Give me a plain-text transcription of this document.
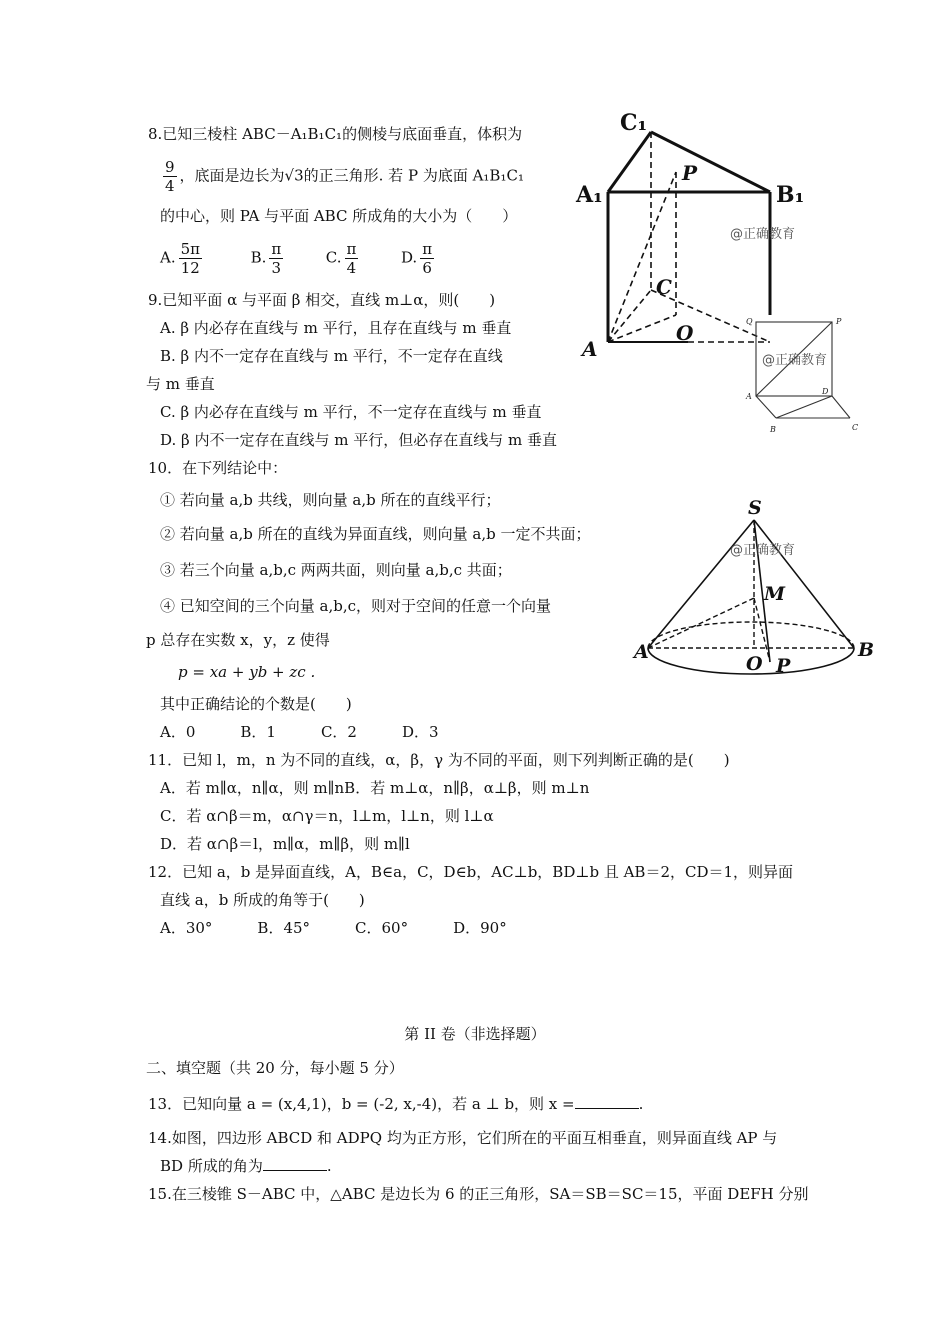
8.已知三棱柱 ABC－A₁B₁C₁的侧棱与底面垂直，体积为
$\frac{9}{4}$ ，底面是边长为√3的正三角形. 若 P 为底面 A₁B₁C₁
的中心，则 PA 与平面 ABC 所成角的大小为（　　）
A. $\frac{5\pi}{12}$	B. $\frac{\pi}{3}$	C. $\frac{\pi}{4}$	D. $\frac{\pi}{6}$
9.已知平面 α 与平面 β 相交，直线 m⊥α，则(　　)
A. β 内必存在直线与 m 平行，且存在直线与 m 垂直
B. β 内不一定存在直线与 m 平行，不一定存在直线
与 m 垂直
C. β 内必存在直线与 m 平行，不一定存在直线与 m 垂直
D. β 内不一定存在直线与 m 平行，但必存在直线与 m 垂直
10．在下列结论中：
① 若向量 a,b 共线，则向量 a,b 所在的直线平行；
② 若向量 a,b 所在的直线为异面直线，则向量 a,b 一定不共面；
③ 若三个向量 a,b,c 两两共面，则向量 a,b,c 共面；
④ 已知空间的三个向量 a,b,c，则对于空间的任意一个向量
p 总存在实数 x，y，z 使得
p = xa + yb + zc .
其中正确结论的个数是(　　)
A．0　　　B．1　　　C．2　　　D．3
11．已知 l，m，n 为不同的直线，α，β，γ 为不同的平面，则下列判断正确的是(　　)
A．若 m∥α，n∥α，则 m∥nB．若 m⊥α，n∥β，α⊥β，则 m⊥n
C．若 α∩β＝m，α∩γ＝n，l⊥m，l⊥n，则 l⊥α
D．若 α∩β＝l，m∥α，m∥β，则 m∥l
12．已知 a，b 是异面直线，A，B∈a，C，D∈b，AC⊥b，BD⊥b 且 AB＝2，CD＝1，则异面
直线 a，b 所成的角等于(　　)
A．30°　　　B．45°　　　C．60°　　　D．90°
第 II 卷（非选择题）
二、填空题（共 20 分，每小题 5 分）
13．已知向量 a = (x,4,1)，b = (-2, x,-4)，若 a ⊥ b，则 x =	.
14.如图，四边形 ABCD 和 ADPQ 均为正方形，它们所在的平面互相垂直，则异面直线 AP 与
BD 所成的角为	.
15.在三棱锥 S－ABC 中，△ABC 是边长为 6 的正三角形，SA＝SB＝SC＝15，平面 DEFH 分别
C₁
A₁	B₁
P
C
A
O
@正确教育
Q	P
A
D
B	C
@正确教育
S
M
A	B
O P
@正确教育
